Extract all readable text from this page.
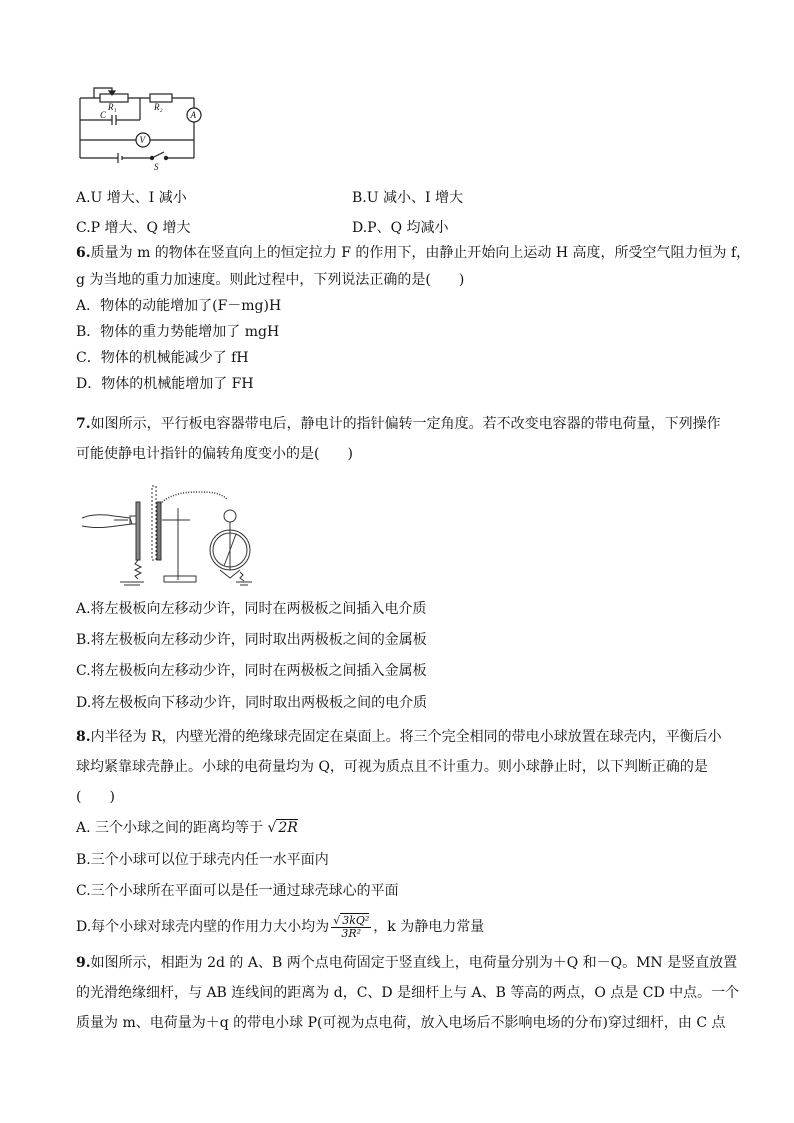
R₁	R₂
C	A
V
S
A.U 增大、I 减小	B.U 减小、I 增大
C.P 增大、Q 增大	D.P、Q 均减小
6.质量为 m 的物体在竖直向上的恒定拉力 F 的作用下，由静止开始向上运动 H 高度，所受空气阻力恒为 f，
g 为当地的重力加速度。则此过程中，下列说法正确的是(　　)
A．物体的动能增加了(F－mg)H
B．物体的重力势能增加了 mgH
C．物体的机械能减少了 fH
D．物体的机械能增加了 FH
7.如图所示，平行板电容器带电后，静电计的指针偏转一定角度。若不改变电容器的带电荷量，下列操作
可能使静电计指针的偏转角度变小的是(　　)
A.将左极板向左移动少许，同时在两极板之间插入电介质
B.将左极板向左移动少许，同时取出两极板之间的金属板
C.将左极板向左移动少许，同时在两极板之间插入金属板
D.将左极板向下移动少许，同时取出两极板之间的电介质
8.内半径为 R，内壁光滑的绝缘球壳固定在桌面上。将三个完全相同的带电小球放置在球壳内，平衡后小
球均紧靠球壳静止。小球的电荷量均为 Q，可视为质点且不计重力。则小球静止时，以下判断正确的是
(　　)
A. 三个小球之间的距离均等于 √ 2R
B.三个小球可以位于球壳内任一水平面内
C.三个小球所在平面可以是任一通过球壳球心的平面
D.每个小球对球壳内壁的作用力大小均为 $\frac{\text{√ 3kQ²}}{\text{3R²}}$ ，k 为静电力常量
9.如图所示，相距为 2d 的 A、B 两个点电荷固定于竖直线上，电荷量分别为＋Q 和－Q。MN 是竖直放置
的光滑绝缘细杆，与 AB 连线间的距离为 d，C、D 是细杆上与 A、B 等高的两点，O 点是 CD 中点。一个
质量为 m、电荷量为＋q 的带电小球 P(可视为点电荷，放入电场后不影响电场的分布)穿过细杆，由 C 点
